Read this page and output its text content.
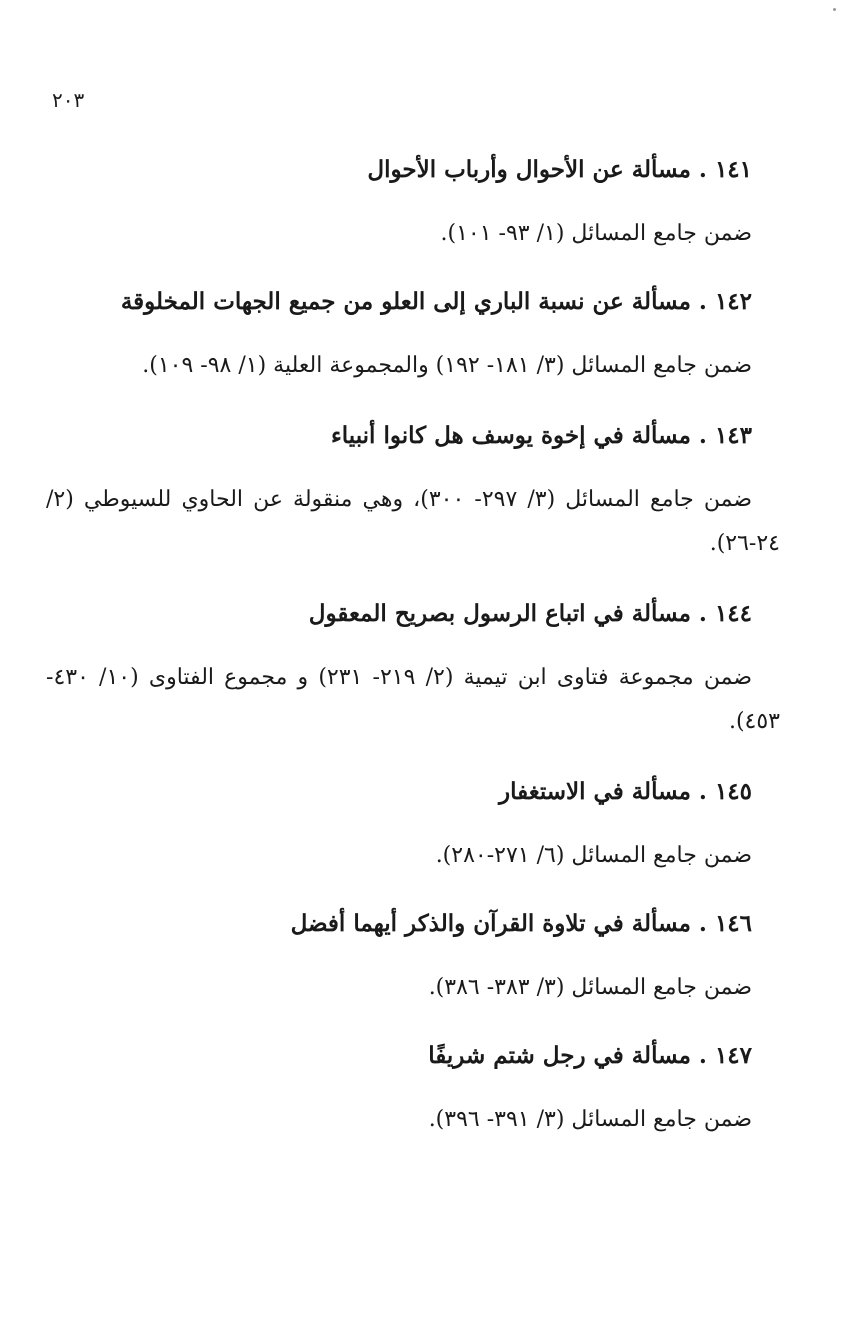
٢٠٣

١٤١ . مسألة عن الأحوال وأرباب الأحوال

ضمن جامع المسائل (١/ ٩٣- ١٠١).

١٤٢ . مسألة عن نسبة الباري إلى العلو من جميع الجهات المخلوقة

ضمن جامع المسائل (٣/ ١٨١- ١٩٢) والمجموعة العلية (١/ ٩٨- ١٠٩).

١٤٣ . مسألة في إخوة يوسف هل كانوا أنبياء

ضمن جامع المسائل (٣/ ٢٩٧- ٣٠٠)، وهي منقولة عن الحاوي للسيوطي (٢/ ٢٤-٢٦).

١٤٤ . مسألة في اتباع الرسول بصريح المعقول

ضمن مجموعة فتاوى ابن تيمية (٢/ ٢١٩- ٢٣١) و مجموع الفتاوى (١٠/ ٤٣٠- ٤٥٣).

١٤٥ . مسألة في الاستغفار

ضمن جامع المسائل (٦/ ٢٧١-٢٨٠).

١٤٦ . مسألة في تلاوة القرآن والذكر أيهما أفضل

ضمن جامع المسائل (٣/ ٣٨٣- ٣٨٦).

١٤٧ . مسألة في رجل شتم شريفًا

ضمن جامع المسائل (٣/ ٣٩١- ٣٩٦).
